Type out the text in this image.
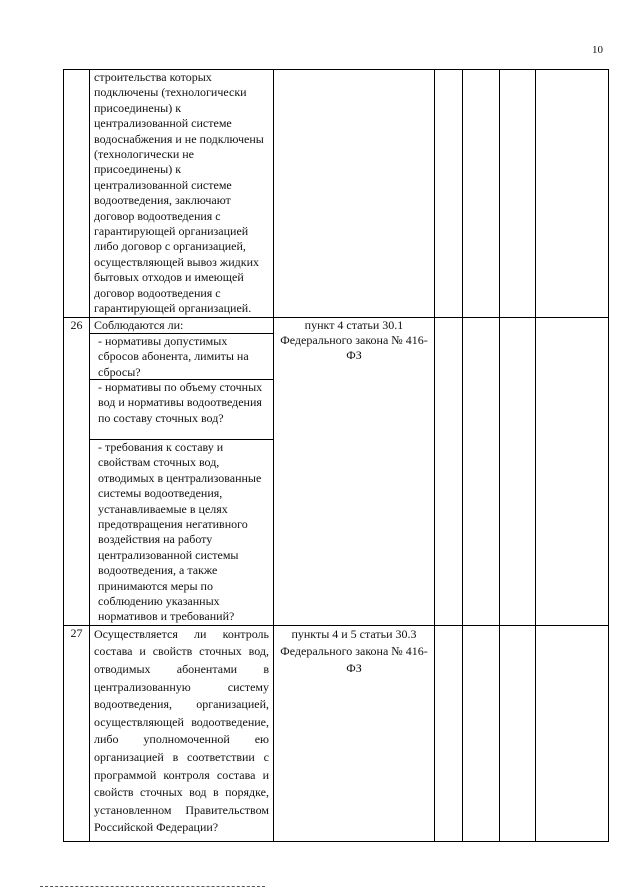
10
	строительства которых подключены (технологически присоединены) к централизованной системе водоснабжения и не подключены (технологически не присоединены) к централизованной системе водоотведения, заключают договор водоотведения с гарантирующей организацией либо договор с организацией, осуществляющей вывоз жидких бытовых отходов и имеющей договор водоотведения с гарантирующей организацией.					
26	Соблюдаются ли:
- нормативы допустимых сбросов абонента, лимиты на сбросы?
- нормативы по объему сточных вод и нормативы водоотведения по составу сточных вод?
- требования к составу и свойствам сточных вод, отводимых в централизованные системы водоотведения, устанавливаемые в целях предотвращения негативного воздействия на работу централизованной системы водоотведения, а также принимаются меры по соблюдению указанных нормативов и требований?	пункт 4 статьи 30.1 Федерального закона № 416-ФЗ				
27	Осуществляется ли контроль состава и свойств сточных вод, отводимых абонентами в централизованную систему водоотведения, организацией, осуществляющей водоотведение, либо уполномоченной ею организацией в соответствии с программой контроля состава и свойств сточных вод в порядке, установленном Правительством Российской Федерации?	пункты 4 и 5 статьи 30.3 Федерального закона № 416-ФЗ				
